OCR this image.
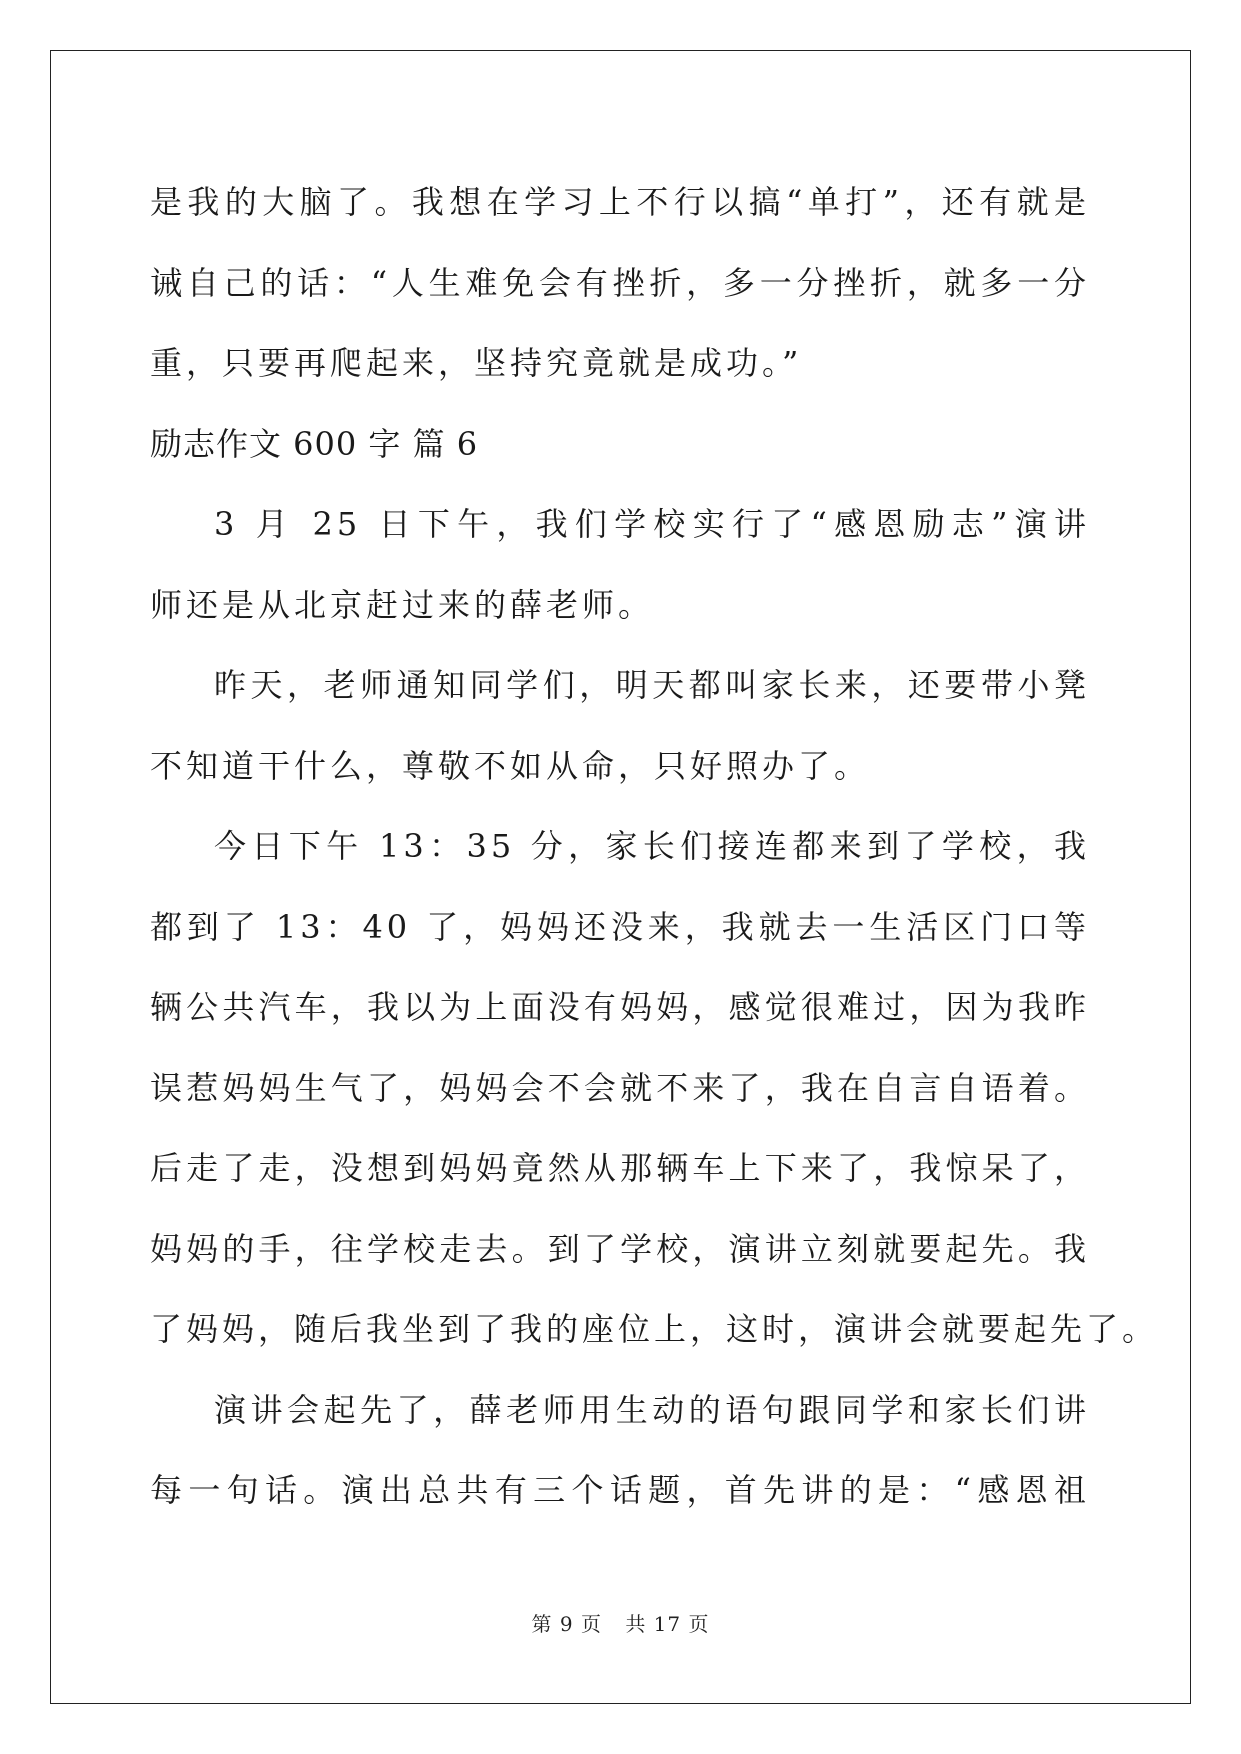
是我的大脑了。我想在学习上不行以搞“单打”，还有就是
诫自己的话：“人生难免会有挫折，多一分挫折，就多一分
重，只要再爬起来，坚持究竟就是成功。”
励志作文 600 字 篇 6
3 月 25 日下午，我们学校实行了“感恩励志”演讲
师还是从北京赶过来的薛老师。
昨天，老师通知同学们，明天都叫家长来，还要带小凳
不知道干什么，尊敬不如从命，只好照办了。
今日下午 13：35 分，家长们接连都来到了学校，我
都到了 13：40 了，妈妈还没来，我就去一生活区门口等
辆公共汽车，我以为上面没有妈妈，感觉很难过，因为我昨
误惹妈妈生气了，妈妈会不会就不来了，我在自言自语着。
后走了走，没想到妈妈竟然从那辆车上下来了，我惊呆了，
妈妈的手，往学校走去。到了学校，演讲立刻就要起先。我
了妈妈，随后我坐到了我的座位上，这时，演讲会就要起先了。
演讲会起先了，薛老师用生动的语句跟同学和家长们讲
每一句话。演出总共有三个话题，首先讲的是：“感恩祖
第 9 页 共 17 页
